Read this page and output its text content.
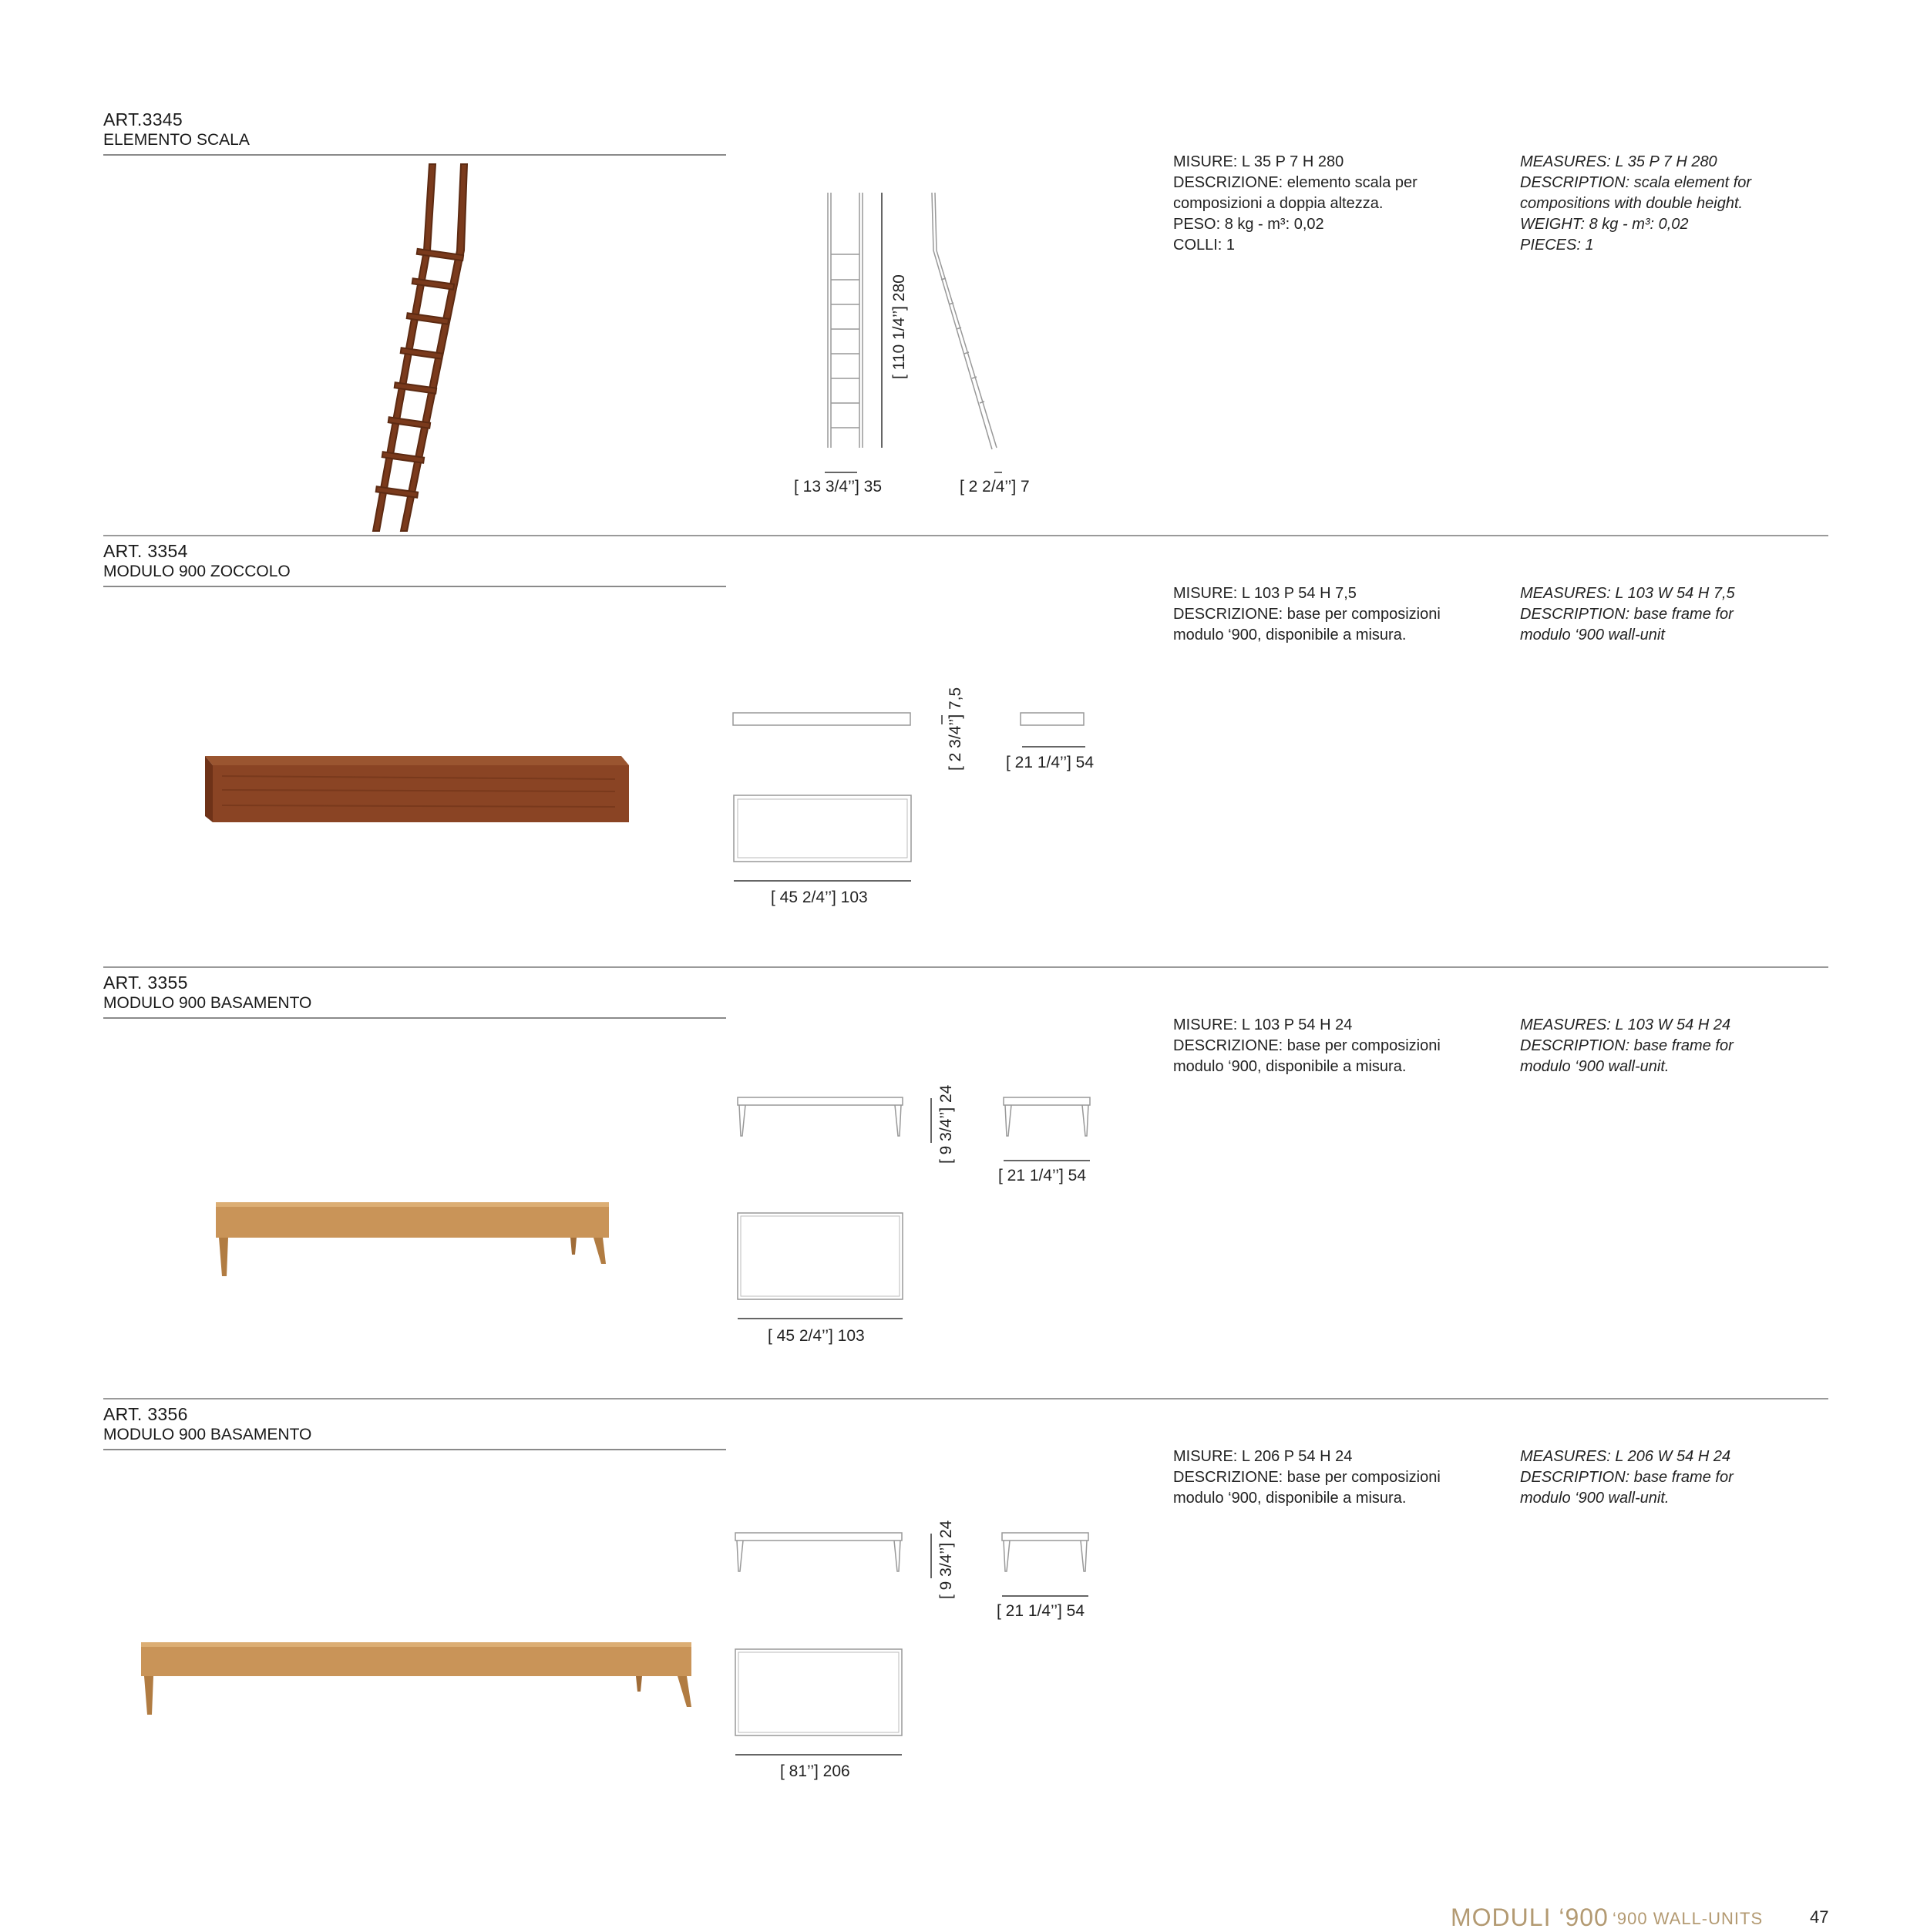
ART.3345
ELEMENTO SCALA
[ 110 1/4’’] 280
[ 13 3/4’’] 35	[ 2 2/4’’] 7
MISURE: L 35 P 7 H 280
DESCRIZIONE: elemento scala per
composizioni a doppia altezza.
PESO: 8 kg - m³: 0,02
COLLI: 1
MEASURES: L 35 P 7 H 280
DESCRIPTION: scala element for
compositions with double height.
WEIGHT: 8 kg - m³: 0,02
PIECES: 1
ART. 3354
MODULO 900 ZOCCOLO
[ 2 3/4’’] 7,5	[ 21 1/4’’] 54
[ 45 2/4’’] 103
MISURE: L 103 P 54 H 7,5
DESCRIZIONE: base per composizioni
modulo ‘900, disponibile a misura.
MEASURES: L 103 W 54 H 7,5
DESCRIPTION: base frame for
modulo ‘900 wall-unit
ART. 3355
MODULO 900 BASAMENTO
[ 9 3/4’’] 24
[ 21 1/4’’] 54
[ 45 2/4’’] 103
MISURE: L 103 P 54 H 24
DESCRIZIONE: base per composizioni
modulo ‘900, disponibile a misura.
MEASURES: L 103 W 54 H 24
DESCRIPTION: base frame for
modulo ‘900 wall-unit.
ART. 3356
MODULO 900 BASAMENTO
[ 9 3/4’’] 24
[ 21 1/4’’] 54
[ 81’’] 206
MISURE: L 206 P 54 H 24
DESCRIZIONE: base per composizioni
modulo ‘900, disponibile a misura.
MEASURES: L 206 W 54 H 24
DESCRIPTION: base frame for
modulo ‘900 wall-unit.
MODULI ‘900 ‘900 WALL-UNITS	47
